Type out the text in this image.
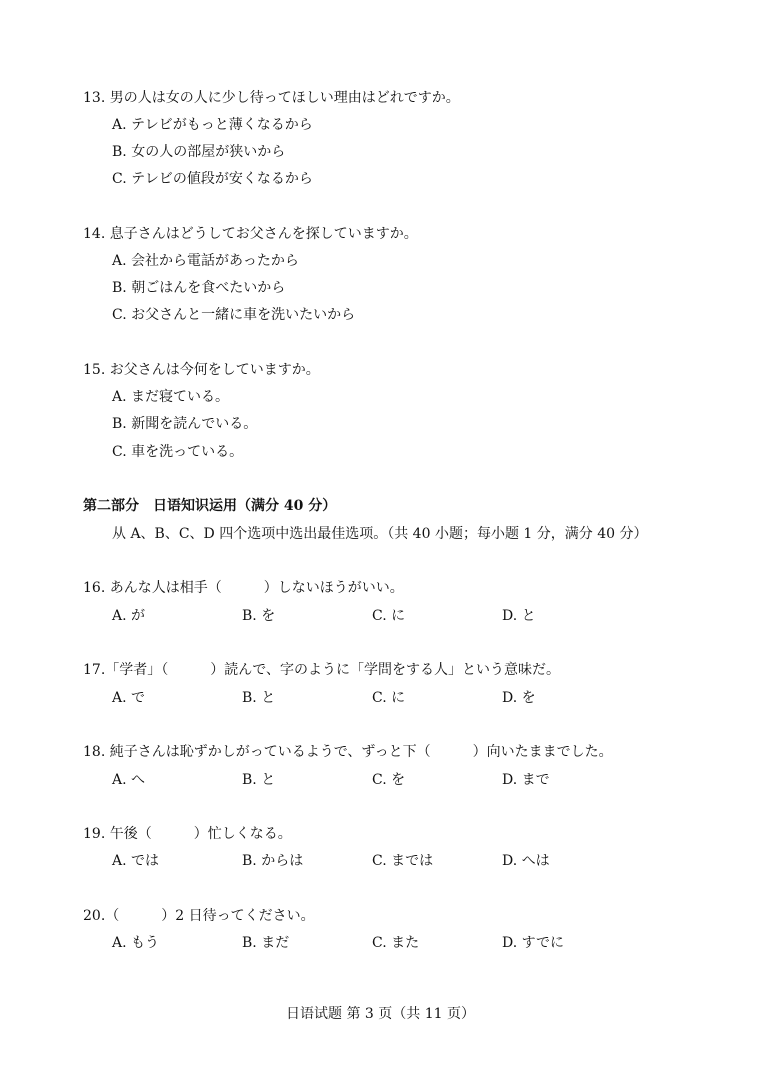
13. 男の人は女の人に少し待ってほしい理由はどれですか。
A. テレビがもっと薄くなるから
B. 女の人の部屋が狭いから
C. テレビの値段が安くなるから
14. 息子さんはどうしてお父さんを探していますか。
A. 会社から電話があったから
B. 朝ごはんを食べたいから
C. お父さんと一緒に車を洗いたいから
15. お父さんは今何をしていますか。
A. まだ寝ている。
B. 新聞を読んでいる。
C. 車を洗っている。
第二部分　日语知识运用（满分 40 分）
从 A、B、C、D 四个选项中选出最佳选项。（共 40 小题；每小题 1 分，满分 40 分）
16. あんな人は相手（　　　）しないほうがいい。
A. が	B. を	C. に	D. と
17.「学者」（　　　）読んで、字のように「学問をする人」という意味だ。
A. で	B. と	C. に	D. を
18. 純子さんは恥ずかしがっているようで、ずっと下（　　　）向いたままでした。
A. へ	B. と	C. を	D. まで
19. 午後（　　　）忙しくなる。
A. では	B. からは	C. までは	D. へは
20.（　　　）2 日待ってください。
A. もう	B. まだ	C. また	D. すでに
日语试题 第 3 页（共 11 页）
